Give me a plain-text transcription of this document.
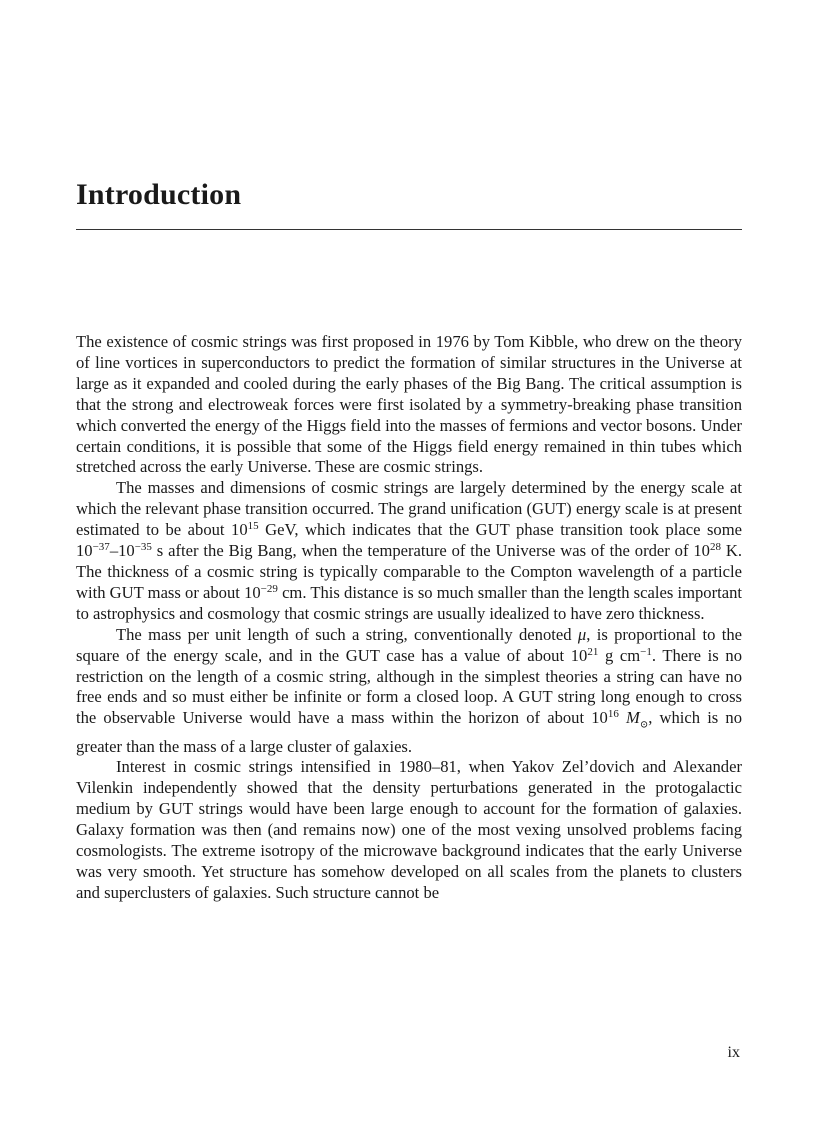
Introduction

The existence of cosmic strings was first proposed in 1976 by Tom Kibble, who drew on the theory of line vortices in superconductors to predict the formation of similar structures in the Universe at large as it expanded and cooled during the early phases of the Big Bang. The critical assumption is that the strong and electroweak forces were first isolated by a symmetry-breaking phase transition which converted the energy of the Higgs field into the masses of fermions and vector bosons. Under certain conditions, it is possible that some of the Higgs field energy remained in thin tubes which stretched across the early Universe. These are cosmic strings.

The masses and dimensions of cosmic strings are largely determined by the energy scale at which the relevant phase transition occurred. The grand unification (GUT) energy scale is at present estimated to be about $10^{15}$ GeV, which indicates that the GUT phase transition took place some $10^{-37}-10^{-35}$ s after the Big Bang, when the temperature of the Universe was of the order of $10^{28}$ K. The thickness of a cosmic string is typically comparable to the Compton wavelength of a particle with GUT mass or about $10^{-29}$ cm. This distance is so much smaller than the length scales important to astrophysics and cosmology that cosmic strings are usually idealized to have zero thickness.

The mass per unit length of such a string, conventionally denoted μ, is proportional to the square of the energy scale, and in the GUT case has a value of about $10^{21}$ g $cm^{-1}$. There is no restriction on the length of a cosmic string, although in the simplest theories a string can have no free ends and so must either be infinite or form a closed loop. A GUT string long enough to cross the observable Universe would have a mass within the horizon of about $10^{16}$ $M_⊙$, which is no greater than the mass of a large cluster of galaxies.

Interest in cosmic strings intensified in 1980–81, when Yakov Zel’dovich and Alexander Vilenkin independently showed that the density perturbations generated in the protogalactic medium by GUT strings would have been large enough to account for the formation of galaxies. Galaxy formation was then (and remains now) one of the most vexing unsolved problems facing cosmologists. The extreme isotropy of the microwave background indicates that the early Universe was very smooth. Yet structure has somehow developed on all scales from the planets to clusters and superclusters of galaxies. Such structure cannot be

ix
